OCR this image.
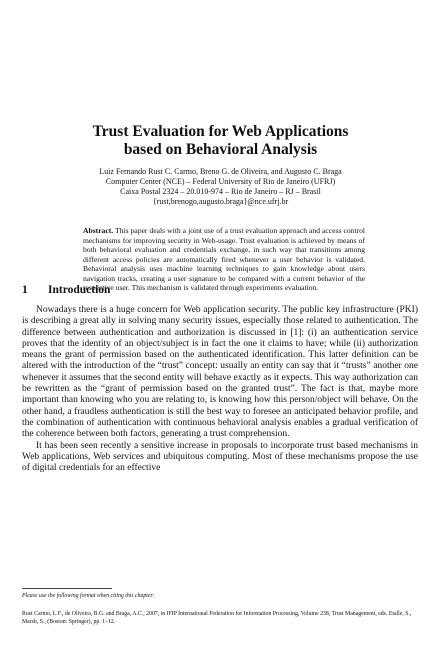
Trust Evaluation for Web Applications
based on Behavioral Analysis
Luiz Fernando Rust C. Carmo, Breno G. de Oliveira, and Augusto C. Braga
Computer Center (NCE) – Federal University of Rio de Janeiro (UFRJ)
Caixa Postal 2324 – 20.010-974 – Rio de Janeiro – RJ – Brasil
{rust,brenogo,augusto.braga}@nce.ufrj.br
Abstract. This paper deals with a joint use of a trust evaluation approach and access control mechanisms for improving security in Web-usage. Trust evaluation is achieved by means of both behavioral evaluation and credentials exchange, in such way that transitions among different access policies are automatically fired whenever a user behavior is validated. Behavioral analysis uses machine learning techniques to gain knowledge about users navigation tracks, creating a user signature to be compared with a current behavior of the respective user. This mechanism is validated through experiments evaluation.
1 Introduction

Nowadays there is a huge concern for Web application security. The public key infrastructure (PKI) is describing a great ally in solving many security issues, especially those related to authentication. The difference between authentication and authorization is discussed in [1]: (i) an authentication service proves that the identity of an object/subject is in fact the one it claims to have; while (ii) authorization means the grant of permission based on the authenticated identification. This latter definition can be altered with the introduction of the “trust” concept: usually an entity can say that it “trusts” another one whenever it assumes that the second entity will behave exactly as it expects. This way authorization can be rewritten as the “grant of permission based on the granted trust”. The fact is that, maybe more important than knowing who you are relating to, is knowing how this person/object will behave. On the other hand, a fraudless authentication is still the best way to foresee an anticipated behavior profile, and the combination of authentication with continuous behavioral analysis enables a gradual verification of the coherence between both factors, generating a trust comprehension.

It has been seen recently a sensitive increase in proposals to incorporate trust based mechanisms in Web applications, Web services and ubiquitous computing. Most of these mechanisms propose the use of digital credentials for an effective

Please use the following format when citing this chapter:
Rust Carmo, L.F., de Oliveira, B.G. and Braga, A.C., 2007, in IFIP International Federation for Information Processing, Volume 238, Trust Management, eds. Etalle, S., Marsh, S., (Boston: Springer), pp. 1–12.
